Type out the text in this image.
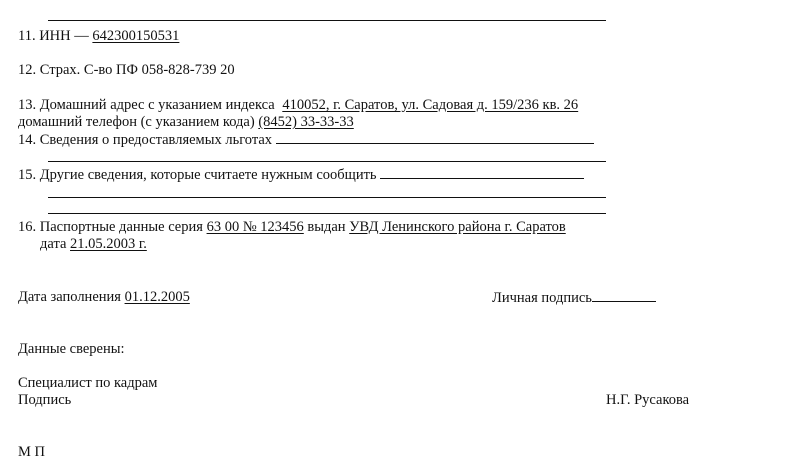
11. ИНН — 642300150531
12. Страх. С-во ПФ 058-828-739 20
13. Домашний адрес с указанием индекса 410052, г. Саратов, ул. Садовая д. 159/236 кв. 26
домашний телефон (с указанием кода) (8452) 33-33-33
14. Сведения о предоставляемых льготах
15. Другие сведения, которые считаете нужным сообщить
16. Паспортные данные серия 63 00 № 123456 выдан УВД Ленинского района г. Саратов
дата 21.05.2003 г.
Дата заполнения 01.12.2005	Личная подпись
Данные сверены:
Специалист по кадрам
Подпись	Н.Г. Русакова
М П
